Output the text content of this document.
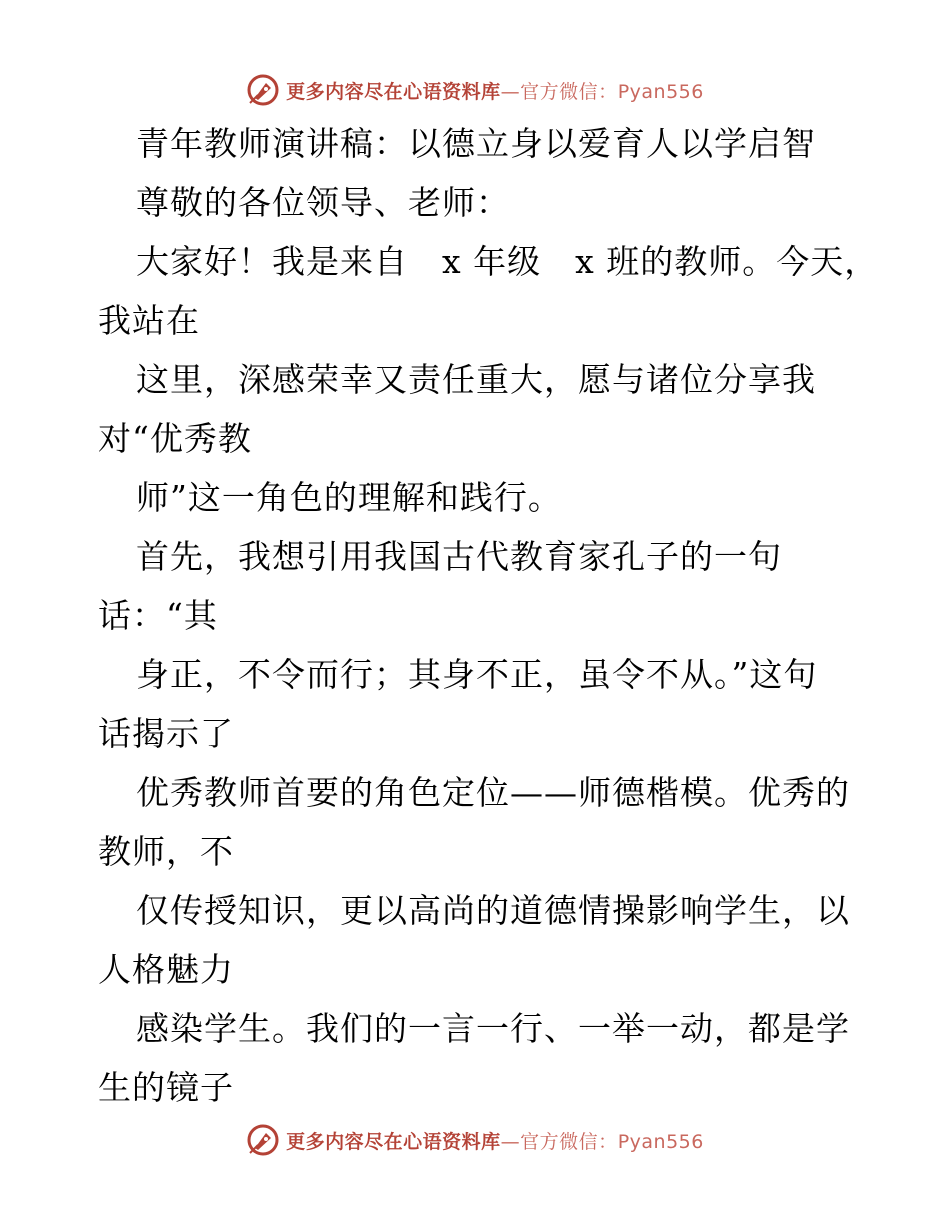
更多内容尽在心语资料库—官方微信：Pyan556
青年教师演讲稿：以德立身以爱育人以学启智
尊敬的各位领导、老师：
大家好！我是来自　x 年级　x 班的教师。今天，
我站在
这里，深感荣幸又责任重大，愿与诸位分享我
对“优秀教
师”这一角色的理解和践行。
首先，我想引用我国古代教育家孔子的一句
话：“其
身正，不令而行；其身不正，虽令不从。”这句
话揭示了
优秀教师首要的角色定位——师德楷模。优秀的
教师，不
仅传授知识，更以高尚的道德情操影响学生，以
人格魅力
感染学生。我们的一言一行、一举一动，都是学
生的镜子
更多内容尽在心语资料库—官方微信：Pyan556
